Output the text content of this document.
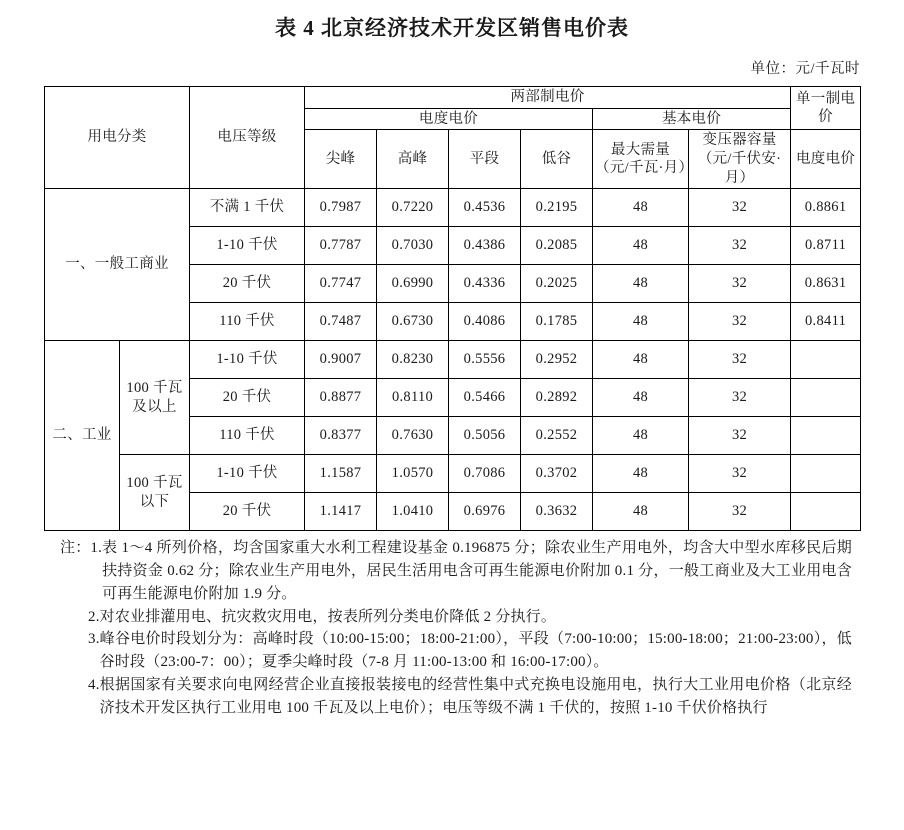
表 4 北京经济技术开发区销售电价表
单位：元/千瓦时
用电分类		电压等级	两部制电价						单一制电价
			电度电价				基本电价		
			尖峰	高峰	平段	低谷	最大需量（元/千瓦·月）	变压器容量（元/千伏安·月）	电度电价
一、一般工商业		不满 1 千伏	0.7987	0.7220	0.4536	0.2195	48	32	0.8861
		1-10 千伏	0.7787	0.7030	0.4386	0.2085	48	32	0.8711
		20 千伏	0.7747	0.6990	0.4336	0.2025	48	32	0.8631
		110 千伏	0.7487	0.6730	0.4086	0.1785	48	32	0.8411
二、工业	100 千瓦及以上	1-10 千伏	0.9007	0.8230	0.5556	0.2952	48	32	
		20 千伏	0.8877	0.8110	0.5466	0.2892	48	32	
		110 千伏	0.8377	0.7630	0.5056	0.2552	48	32	
	100 千瓦以下	1-10 千伏	1.1587	1.0570	0.7086	0.3702	48	32	
		20 千伏	1.1417	1.0410	0.6976	0.3632	48	32	
注： 1. 表 1～4 所列价格，均含国家重大水利工程建设基金 0.196875 分；除农业生产用电外，均含大中型水库移民后期扶持资金 0.62 分；除农业生产用电外，居民生活用电含可再生能源电价附加 0.1 分，一般工商业及大工业用电含可再生能源电价附加 1.9 分。
2. 对农业排灌用电、抗灾救灾用电，按表所列分类电价降低 2 分执行。
3. 峰谷电价时段划分为：高峰时段（10:00-15:00；18:00-21:00），平段（7:00-10:00；15:00-18:00；21:00-23:00），低谷时段（23:00-7：00）；夏季尖峰时段（7-8 月 11:00-13:00 和 16:00-17:00）。
4. 根据国家有关要求向电网经营企业直接报装接电的经营性集中式充换电设施用电，执行大工业用电价格（北京经济技术开发区执行工业用电 100 千瓦及以上电价）；电压等级不满 1 千伏的，按照 1-10 千伏价格执行
